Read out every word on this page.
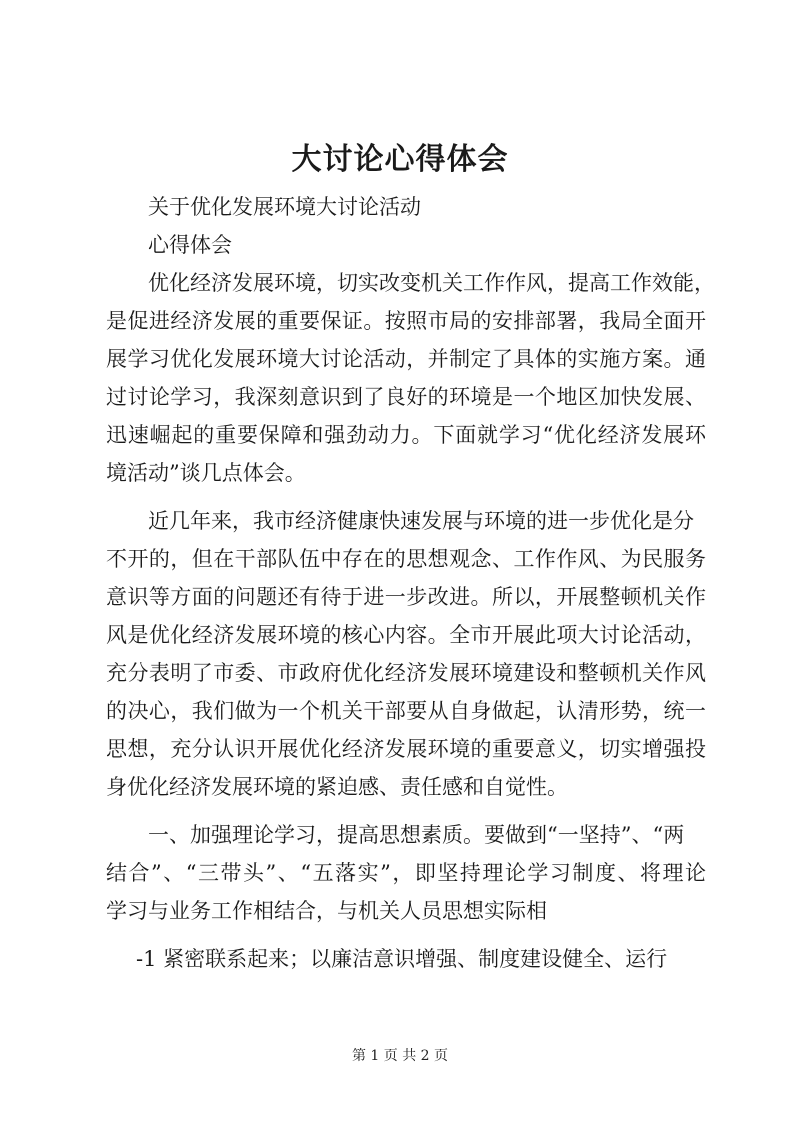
大讨论心得体会
关于优化发展环境大讨论活动
心得体会
优化经济发展环境，切实改变机关工作作风，提高工作效能，
是促进经济发展的重要保证。按照市局的安排部署，我局全面开
展学习优化发展环境大讨论活动，并制定了具体的实施方案。通
过讨论学习，我深刻意识到了良好的环境是一个地区加快发展、
迅速崛起的重要保障和强劲动力。下面就学习“优化经济发展环
境活动”谈几点体会。
近几年来，我市经济健康快速发展与环境的进一步优化是分
不开的，但在干部队伍中存在的思想观念、工作作风、为民服务
意识等方面的问题还有待于进一步改进。所以，开展整顿机关作
风是优化经济发展环境的核心内容。全市开展此项大讨论活动，
充分表明了市委、市政府优化经济发展环境建设和整顿机关作风
的决心，我们做为一个机关干部要从自身做起，认清形势，统一
思想，充分认识开展优化经济发展环境的重要意义，切实增强投
身优化经济发展环境的紧迫感、责任感和自觉性。
一、加强理论学习，提高思想素质。要做到“一坚持”、“两
结合”、“三带头”、“五落实”，即坚持理论学习制度、将理论
学习与业务工作相结合，与机关人员思想实际相
-1 紧密联系起来；以廉洁意识增强、制度建设健全、运行
第 1 页 共 2 页
